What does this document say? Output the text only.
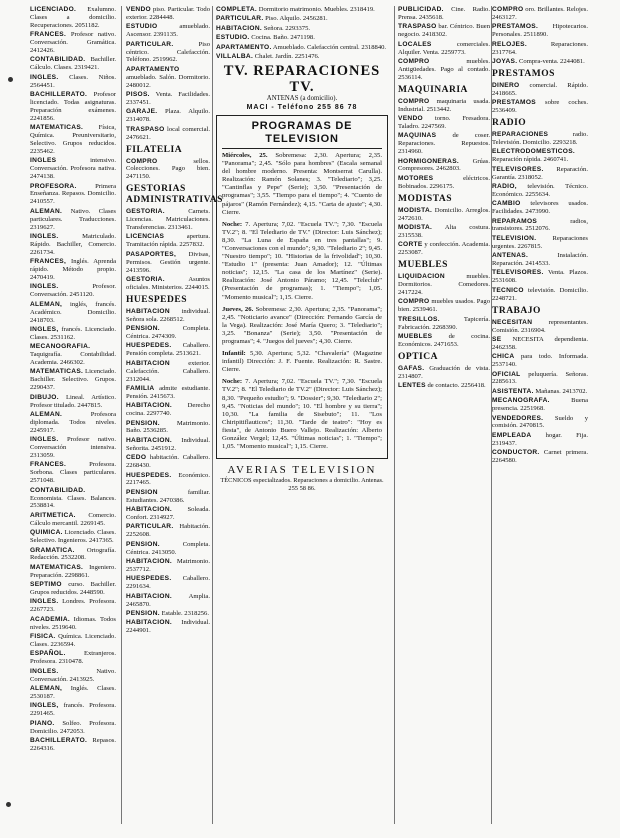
LICENCIADO. Exalumno. Clases a domicilio. Recuperaciones. 2051182.
FRANCES. Profesor nativo. Conversación. Gramática. 2412426.
CONTABILIDAD. Bachiller. Cálculo. Clases. 2319421.
INGLES. Clases. Niños. 2564451.
BACHILLERATO. Profesor licenciado. Todas asignaturas. Preparación exámenes. 2241856.
MATEMATICAS. Física, Química. Preuniversitario, Selectivo. Grupos reducidos. 2235462.
INGLES intensivo. Conversación. Profesora nativa. 2474138.
PROFESORA. Primera Enseñanza. Repasos. Domicilio. 2410557.
ALEMAN. Nativo. Clases particulares. Traducciones. 2319627.
INGLES. Matriculado. Rápido. Bachiller, Comercio. 2261734.
FRANCES, Inglés. Aprenda rápido. Método propio. 2470419.
INGLES. Profesor. Conversación. 2451120.
ALEMAN, inglés, francés. Académico. Domicilio. 2418703.
INGLES, francés. Licenciado. Clases. 2531162.
MECANOGRAFIA. Taquigrafía. Contabilidad. Academia. 2466302.
MATEMATICAS. Licenciado. Bachiller. Selectivo. Grupos. 2290437.
DIBUJO. Lineal. Artístico. Profesor titulado. 2447815.
ALEMAN. Profesora diplomada. Todos niveles. 2245917.
INGLES. Profesor nativo. Conversación intensiva. 2313059.
FRANCES. Profesora. Sorbona. Clases particulares. 2571048.
CONTABILIDAD. Economista. Clases. Balances. 2538814.
ARITMETICA. Comercio. Cálculo mercantil. 2269145.
QUIMICA. Licenciado. Clases. Selectivo. Ingenieros. 2417365.
GRAMATICA. Ortografía. Redacción. 2532208.
MATEMATICAS. Ingeniero. Preparación. 2298861.
SEPTIMO curso. Bachiller. Grupos reducidos. 2448590.
INGLES. Londres. Profesora. 2267723.
ACADEMIA. Idiomas. Todos niveles. 2519640.
FISICA. Química. Licenciado. Clases. 2236594.
ESPAÑOL. Extranjeros. Profesora. 2310478.
INGLES. Nativo. Conversación. 2413925.
ALEMAN, Inglés. Clases. 2530187.
INGLES, francés. Profesora. 2291465.
PIANO. Solfeo. Profesora. Domicilio. 2472053.
BACHILLERATO. Repasos. 2264316.
VENDO piso. Particular. Todo exterior. 2284448.
ESTUDIO amueblado. Ascensor. 2391135.
PARTICULAR. Piso céntrico. Calefacción. Teléfono. 2519962.
APARTAMENTO amueblado. Salón. Dormitorio. 2480012.
PISOS. Venta. Facilidades. 2337451.
GARAJE. Plaza. Alquilo. 2314078.
TRASPASO local comercial. 2476621.
FILATELIA
COMPRO sellos. Colecciones. Pago bien. 2471150.
GESTORIAS ADMINISTRATIVAS
GESTORIA. Carnets. Licencias. Matriculaciones. Transferencias. 2313461.
LICENCIAS apertura. Tramitación rápida. 2257832.
PASAPORTES, Divisas, Permisos. Gestión urgente. 2413596.
GESTORIA. Asuntos oficiales. Ministerios. 2244015.
HUESPEDES
HABITACION individual. Señora sola. 2268512.
PENSION. Completa. Céntrica. 2474309.
HUESPEDES. Caballero. Pensión completa. 2513621.
HABITACION exterior. Calefacción. Caballero. 2312044.
FAMILIA admite estudiante. Pensión. 2415673.
HABITACION. Derecho cocina. 2297740.
PENSION. Matrimonio. Baño. 2536285.
HABITACION. Individual. Señorita. 2451912.
CEDO habitación. Caballero. 2268430.
HUESPEDES. Económico. 2217465.
PENSION familiar. Estudiantes. 2470386.
HABITACION. Soleada. Confort. 2314927.
PARTICULAR. Habitación. 2252608.
PENSION. Completa. Céntrica. 2413050.
HABITACION. Matrimonio. 2537712.
HUESPEDES. Caballero. 2291634.
HABITACION. Amplia. 2465870.
PENSION. Estable. 2318256.
HABITACION. Individual. 2244901.
COMPLETA. Dormitorio matrimonio. Muebles. 2318419.
PARTICULAR. Piso. Alquilo. 2456281.
HABITACION. Señora. 2293375.
ESTUDIO. Cocina. Baño. 2471198.
APARTAMENTO. Amueblado. Calefacción central. 2318840.
VILLALBA. Chalet. Jardín. 2251476.
TV. REPARACIONES TV.
ANTENAS (a domicilio).
MACI - Teléfono 255 86 78
PROGRAMAS DE TELEVISION
Miércoles, 25. Sobremesa: 2,30. Apertura; 2,35. "Panorama"; 2,45. "Sólo para hombres" (Escala semanal del hombre moderno. Presenta: Montserrat Carulla). Realización: Ramón Solanes; 3. "Telediario"; 3,25. "Cantinflas y Pepe" (Serie); 3,50. "Presentación de programas"; 3,55. "Tiempo para el tiempo"; 4. "Cuento de pájaros" (Ramón Fernández); 4,15. "Carta de ajuste"; 4,30. Cierre.
Noche: 7. Apertura; 7,02. "Escuela TV."; 7,30. "Escuela TV.2"; 8. "El Telediario de TV." (Director: Luis Sánchez); 8,30. "La Luna de España en tres pantallas"; 9. "Conversaciones con el mundo"; 9,30. "Telediario 2"; 9,45. "Nuestro tiempo"; 10. "Historias de la frivolidad"; 10,30. "Estudio 1" (presenta: Juan Amador); 12. "Últimas noticias"; 12,15. "La casa de los Martínez" (Serie). Realización: José Antonio Páramo; 12,45. "Teleclub" (Presentación de programas); 1. "Tiempo"; 1,05. "Momento musical"; 1,15. Cierre.
Jueves, 26. Sobremesa: 2,30. Apertura; 2,35. "Panorama"; 2,45. "Noticiario avance" (Dirección: Fernando García de la Vega). Realización: José María Quero; 3. "Telediario"; 3,25. "Bonanza" (Serie); 3,50. "Presentación de programas"; 4. "Juegos del jueves"; 4,30. Cierre.
Infantil: 5,30. Apertura; 5,32. "Chavalería" (Magazine infantil) Dirección: J. F. Fuente. Realización: R. Sastre. Cierre.
Noche: 7. Apertura; 7,02. "Escuela TV."; 7,30. "Escuela TV.2"; 8. "El Telediario de TV.2" (Director: Luis Sánchez); 8,30. "Pequeño estudio"; 9. "Dossier"; 9,30. "Telediario 2"; 9,45. "Noticias del mundo"; 10. "El hombre y su tierra"; 10,30. "La familia de Sisebuto"; 11. "Los Chiripitiflauticos"; 11,30. "Tarde de teatro": "Hoy es fiesta", de Antonio Buero Vallejo. Realización: Alberto González Vergel; 12,45. "Últimas noticias"; 1. "Tiempo"; 1,05. "Momento musical"; 1,15. Cierre.
AVERIAS TELEVISION
TÉCNICOS especializados. Reparaciones a domicilio. Antenas. 255 58 86.
PUBLICIDAD. Cine. Radio. Prensa. 2435618.
TRASPASO bar. Céntrico. Buen negocio. 2418302.
LOCALES comerciales. Alquiler. Venta. 2259773.
COMPRO muebles. Antigüedades. Pago al contado. 2536114.
MAQUINARIA
COMPRO maquinaria usada. Industrial. 2513442.
VENDO torno. Fresadora. Taladro. 2247569.
MAQUINAS de coser. Reparaciones. Repuestos. 2314960.
HORMIGONERAS. Grúas. Compresores. 2462803.
MOTORES eléctricos. Bobinados. 2296175.
MODISTAS
MODISTA. Domicilio. Arreglos. 2472610.
MODISTA. Alta costura. 2315538.
CORTE y confección. Academia. 2253087.
MUEBLES
LIQUIDACION muebles. Dormitorios. Comedores. 2417224.
COMPRO muebles usados. Pago bien. 2539461.
TRESILLOS. Tapicería. Fabricación. 2268390.
MUEBLES de cocina. Económicos. 2471653.
OPTICA
GAFAS. Graduación de vista. 2314807.
LENTES de contacto. 2256418.
COMPRO oro. Brillantes. Relojes. 2463127.
PRESTAMOS. Hipotecarios. Personales. 2511890.
RELOJES. Reparaciones. 2317764.
JOYAS. Compra-venta. 2244081.
PRESTAMOS
DINERO comercial. Rápido. 2418665.
PRESTAMOS sobre coches. 2536409.
RADIO
REPARACIONES radio. Televisión. Domicilio. 2293218.
ELECTRODOMESTICOS. Reparación rápida. 2460741.
TELEVISORES. Reparación. Garantía. 2318052.
RADIO, televisión. Técnico. Económico. 2255634.
CAMBIO televisores usados. Facilidades. 2473990.
REPARAMOS radios, transistores. 2512076.
TELEVISION. Reparaciones urgentes. 2267815.
ANTENAS. Instalación. Reparación. 2414533.
TELEVISORES. Venta. Plazos. 2531608.
TECNICO televisión. Domicilio. 2248721.
TRABAJO
NECESITAN representantes. Comisión. 2316904.
SE NECESITA dependienta. 2462358.
CHICA para todo. Informada. 2537140.
OFICIAL peluquería. Señoras. 2285613.
ASISTENTA. Mañanas. 2413702.
MECANOGRAFA. Buena presencia. 2251968.
VENDEDORES. Sueldo y comisión. 2470815.
EMPLEADA hogar. Fija. 2319437.
CONDUCTOR. Carnet primera. 2264580.
